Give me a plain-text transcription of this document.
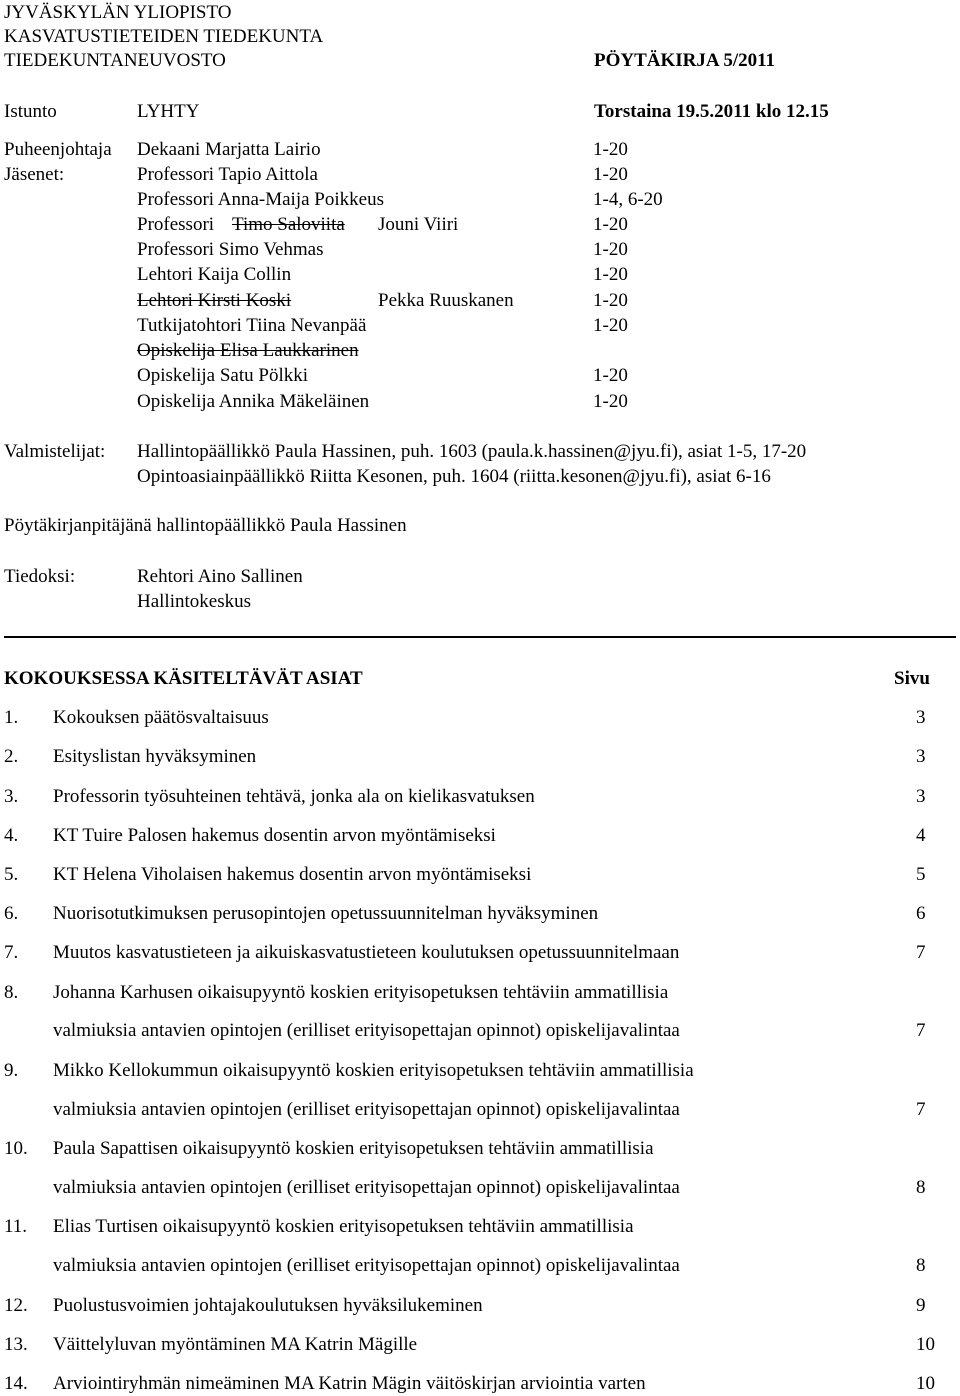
JYVÄSKYLÄN YLIOPISTO
KASVATUSTIETEIDEN TIEDEKUNTA
TIEDEKUNTANEUVOSTO	PÖYTÄKIRJA 5/2011
Istunto	LYHTY	Torstaina 19.5.2011 klo 12.15
Puheenjohtaja Dekaani Marjatta Lairio	1-20
Jäsenet:	Professori Tapio Aittola	1-20
Professori Anna-Maija Poikkeus	1-4, 6-20
Professori Timo Saloviita Jouni Viiri	1-20
Professori Simo Vehmas	1-20
Lehtori Kaija Collin	1-20
Lehtori Kirsti Koski	Pekka Ruuskanen	1-20
Tutkijatohtori Tiina Nevanpää	1-20
Opiskelija Elisa Laukkarinen
Opiskelija Satu Pölkki	1-20
Opiskelija Annika Mäkeläinen	1-20
Valmistelijat: Hallintopäällikkö Paula Hassinen, puh. 1603 (paula.k.hassinen@jyu.fi), asiat 1-5, 17-20
Opintoasiainpäällikkö Riitta Kesonen, puh. 1604 (riitta.kesonen@jyu.fi), asiat 6-16
Pöytäkirjanpitäjänä hallintopäällikkö Paula Hassinen
Tiedoksi:	Rehtori Aino Sallinen
Hallintokeskus
KOKOUKSESSA KÄSITELTÄVÄT ASIAT	Sivu
1. Kokouksen päätösvaltaisuus	3
2. Esityslistan hyväksyminen	3
3. Professorin työsuhteinen tehtävä, jonka ala on kielikasvatuksen	3
4. KT Tuire Palosen hakemus dosentin arvon myöntämiseksi	4
5. KT Helena Viholaisen hakemus dosentin arvon myöntämiseksi	5
6. Nuorisotutkimuksen perusopintojen opetussuunnitelman hyväksyminen	6
7. Muutos kasvatustieteen ja aikuiskasvatustieteen koulutuksen opetussuunnitelmaan	7
8. Johanna Karhusen oikaisupyyntö koskien erityisopetuksen tehtäviin ammatillisia
valmiuksia antavien opintojen (erilliset erityisopettajan opinnot) opiskelijavalintaa	7
9. Mikko Kellokummun oikaisupyyntö koskien erityisopetuksen tehtäviin ammatillisia
valmiuksia antavien opintojen (erilliset erityisopettajan opinnot) opiskelijavalintaa	7
10. Paula Sapattisen oikaisupyyntö koskien erityisopetuksen tehtäviin ammatillisia
valmiuksia antavien opintojen (erilliset erityisopettajan opinnot) opiskelijavalintaa	8
11. Elias Turtisen oikaisupyyntö koskien erityisopetuksen tehtäviin ammatillisia
valmiuksia antavien opintojen (erilliset erityisopettajan opinnot) opiskelijavalintaa	8
12. Puolustusvoimien johtajakoulutuksen hyväksilukeminen	9
13. Väittelyluvan myöntäminen MA Katrin Mägille	10
14. Arviointiryhmän nimeäminen MA Katrin Mägin väitöskirjan arviointia varten	10
